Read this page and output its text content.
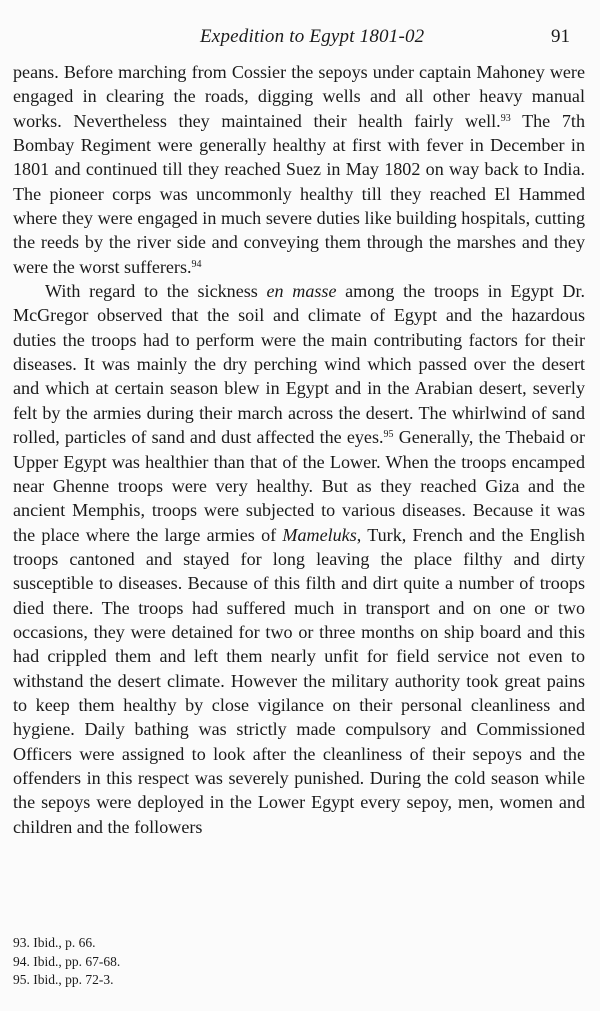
Expedition to Egypt 1801-02	91

peans. Before marching from Cossier the sepoys under captain Mahoney were engaged in clearing the roads, digging wells and all other heavy manual works. Nevertheless they maintained their health fairly well.$^{93}$ The 7th Bombay Regiment were generally healthy at first with fever in December in 1801 and continued till they reached Suez in May 1802 on way back to India. The pioneer corps was uncommonly healthy till they reached El Hammed where they were engaged in much severe duties like building hospitals, cutting the reeds by the river side and conveying them through the marshes and they were the worst sufferers.$^{94}$

With regard to the sickness en masse among the troops in Egypt Dr. McGregor observed that the soil and climate of Egypt and the hazardous duties the troops had to perform were the main contributing factors for their diseases. It was mainly the dry perching wind which passed over the desert and which at certain season blew in Egypt and in the Arabian desert, severly felt by the armies during their march across the desert. The whirlwind of sand rolled, particles of sand and dust affected the eyes.$^{95}$ Generally, the Thebaid or Upper Egypt was healthier than that of the Lower. When the troops encamped near Ghenne troops were very healthy. But as they reached Giza and the ancient Memphis, troops were subjected to various diseases. Because it was the place where the large armies of Mameluks, Turk, French and the English troops cantoned and stayed for long leaving the place filthy and dirty susceptible to diseases. Because of this filth and dirt quite a number of troops died there. The troops had suffered much in transport and on one or two occasions, they were detained for two or three months on ship board and this had crippled them and left them nearly unfit for field service not even to withstand the desert climate. However the military authority took great pains to keep them healthy by close vigilance on their personal cleanliness and hygiene. Daily bathing was strictly made compulsory and Commissioned Officers were assigned to look after the cleanliness of their sepoys and the offenders in this respect was severely punished. During the cold season while the sepoys were deployed in the Lower Egypt every sepoy, men, women and children and the followers

93. Ibid., p. 66.
94. Ibid., pp. 67-68.
95. Ibid., pp. 72-3.
